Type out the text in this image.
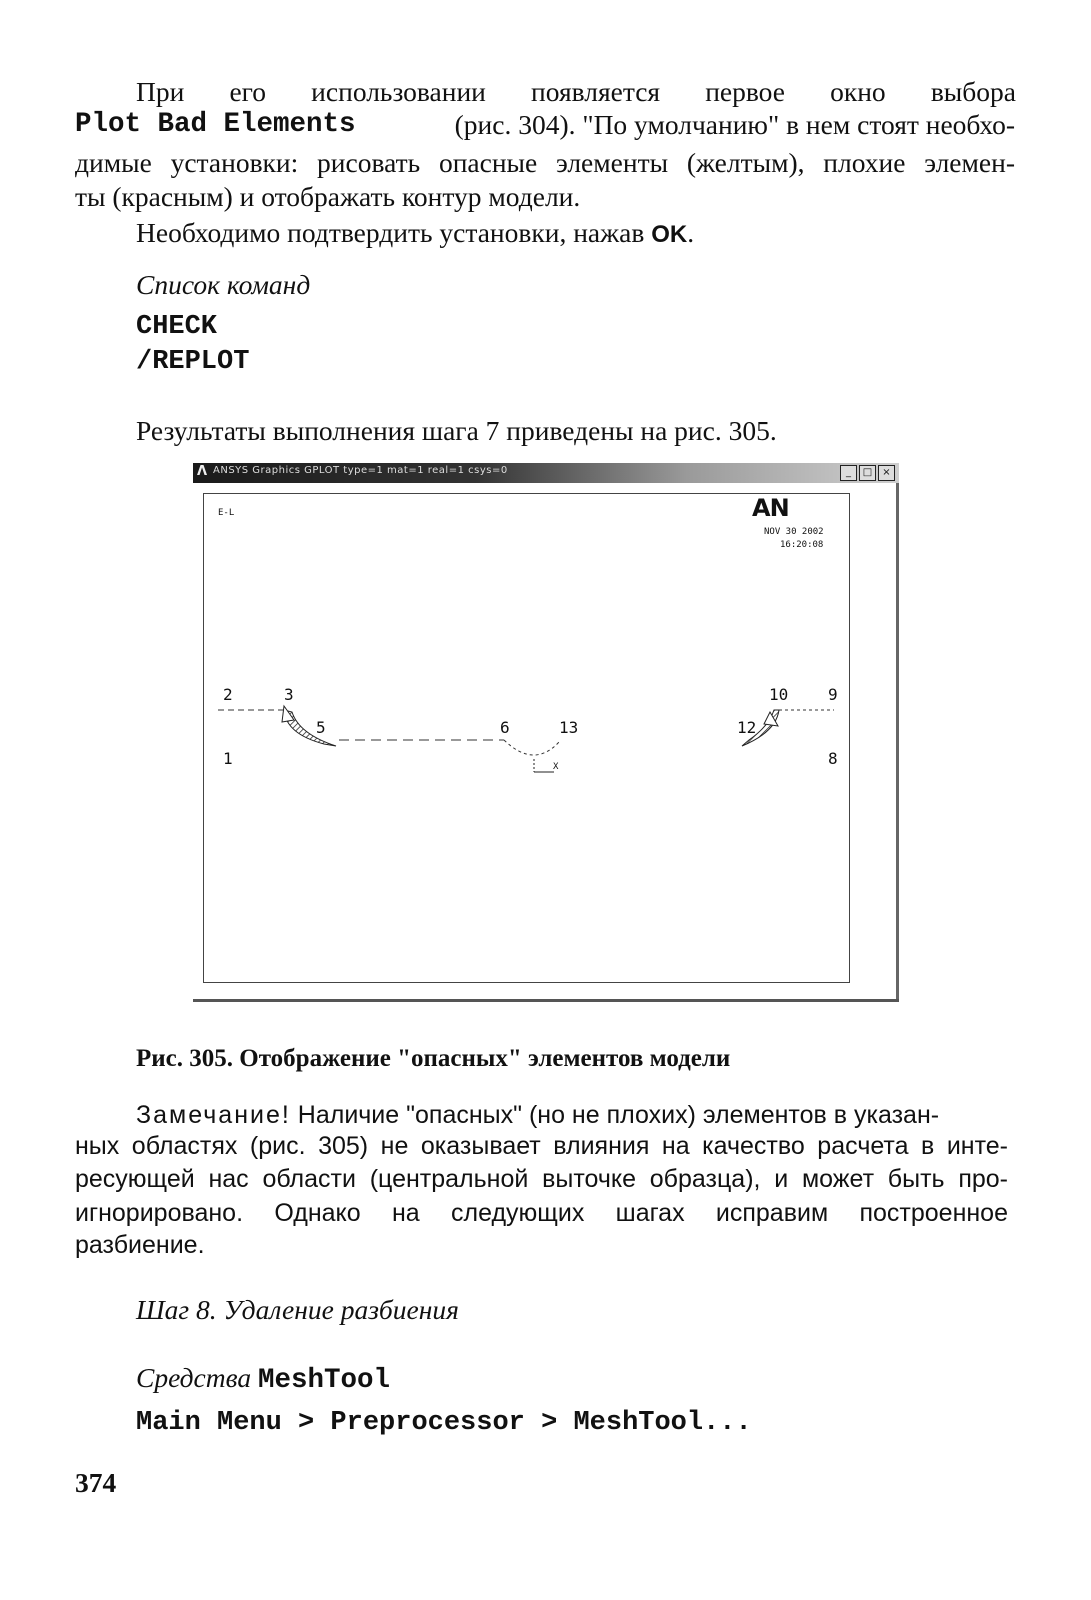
При его использовании появляется первое окно выбора
Plot Bad Elements	(рис. 304). "По умолчанию" в нем стоят необхо-
димые установки: рисовать опасные элементы (желтым), плохие элемен-
ты (красным) и отображать контур модели.
Необходимо подтвердить установки, нажав OK.
Список команд
CHECK
/REPLOT
Результаты выполнения шага 7 приведены на рис. 305.
Λ ANSYS Graphics GPLOT type=1 mat=1 real=1 csys=0	_	□	×
E-L	AN
NOV 30 2002
16:20:08
2	3
1
5	6	13
X
10 9
12
8
Рис. 305. Отображение "опасных" элементов модели
Замечание! Наличие "опасных" (но не плохих) элементов в указан-
ных областях (рис. 305) не оказывает влияния на качество расчета в инте-
ресующей нас области (центральной выточке образца), и может быть про-
игнорировано. Однако на следующих шагах исправим построенное
разбиение.
Шаг 8. Удаление разбиения
Средства MeshTool
Main Menu > Preprocessor > MeshTool...
374
